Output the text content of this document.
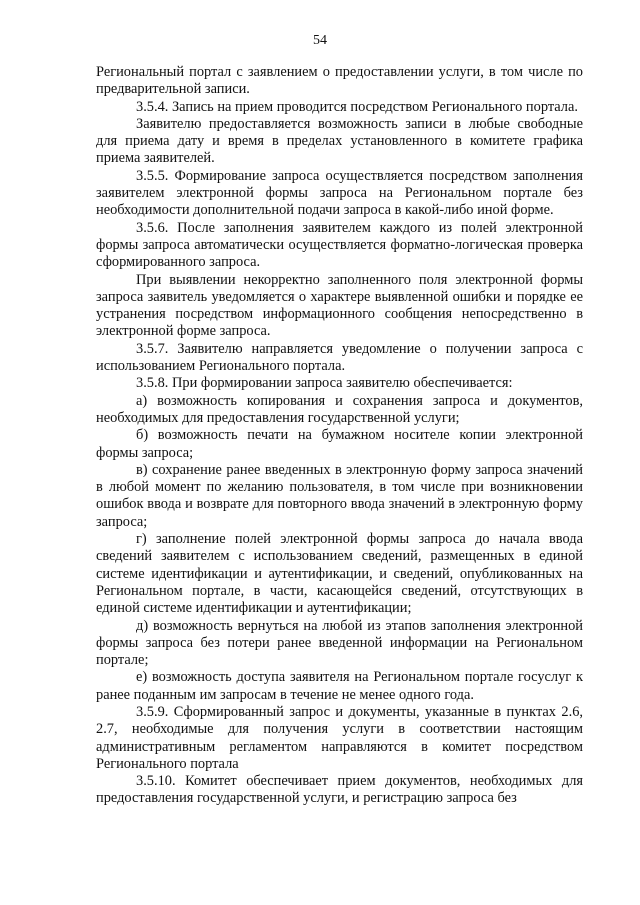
54

Региональный портал с заявлением о предоставлении услуги, в том числе по предварительной записи.

3.5.4. Запись на прием проводится посредством Регионального портала.

Заявителю предоставляется возможность записи в любые свободные для приема дату и время в пределах установленного в комитете графика приема заявителей.

3.5.5. Формирование запроса осуществляется посредством заполнения заявителем электронной формы запроса на Региональном портале без необходимости дополнительной подачи запроса в какой-либо иной форме.

3.5.6. После заполнения заявителем каждого из полей электронной формы запроса автоматически осуществляется форматно-логическая проверка сформированного запроса.

При выявлении некорректно заполненного поля электронной формы запроса заявитель уведомляется о характере выявленной ошибки и порядке ее устранения посредством информационного сообщения непосредственно в электронной форме запроса.

3.5.7. Заявителю направляется уведомление о получении запроса с использованием Регионального портала.

3.5.8. При формировании запроса заявителю обеспечивается:

а) возможность копирования и сохранения запроса и документов, необходимых для предоставления государственной услуги;

б) возможность печати на бумажном носителе копии электронной формы запроса;

в) сохранение ранее введенных в электронную форму запроса значений в любой момент по желанию пользователя, в том числе при возникновении ошибок ввода и возврате для повторного ввода значений в электронную форму запроса;

г) заполнение полей электронной формы запроса до начала ввода сведений заявителем с использованием сведений, размещенных в единой системе идентификации и аутентификации, и сведений, опубликованных на Региональном портале, в части, касающейся сведений, отсутствующих в единой системе идентификации и аутентификации;

д) возможность вернуться на любой из этапов заполнения электронной формы запроса без потери ранее введенной информации на Региональном портале;

е) возможность доступа заявителя на Региональном портале госуслуг к ранее поданным им запросам в течение не менее одного года.

3.5.9. Сформированный запрос и документы, указанные в пунктах 2.6, 2.7, необходимые для получения услуги в соответствии настоящим административным регламентом направляются в комитет посредством Регионального портала

3.5.10. Комитет обеспечивает прием документов, необходимых для предоставления государственной услуги, и регистрацию запроса без
